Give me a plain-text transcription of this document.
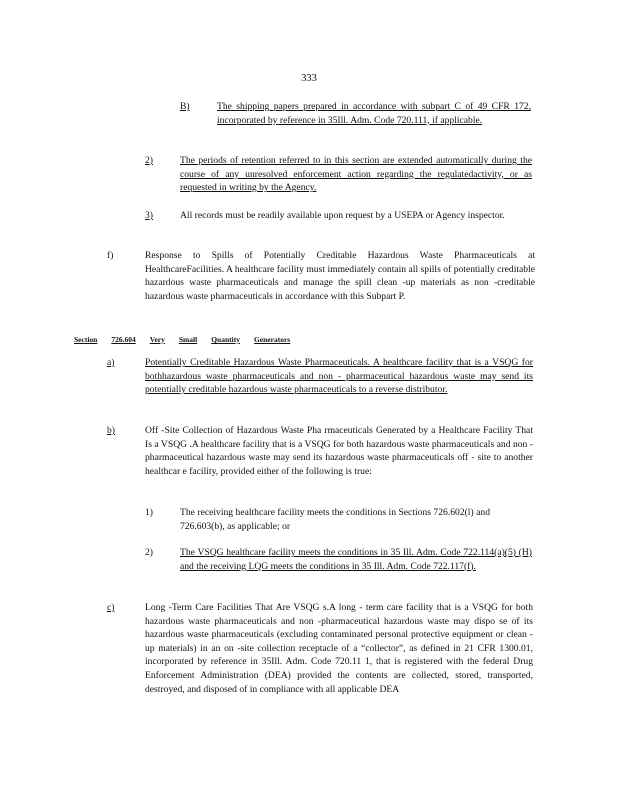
333
B)	The shipping papers prepared in accordance with subpart C of 49 CFR 172, incorporated by reference in 35Ill. Adm. Code 720.111, if applicable.
2)	The periods of retention referred to in this section are extended automatically during the course of any unresolved enforcement action regarding the regulatedactivity, or as requested in writing by the Agency.
3)	All records must be readily available upon request by a USEPA or Agency inspector.
f)	Response to Spills of Potentially Creditable Hazardous Waste Pharmaceuticals at HealthcareFacilities. A healthcare facility must immediately contain all spills of potentially creditable hazardous waste pharmaceuticals and manage the spill clean -up materials as non -creditable hazardous waste pharmaceuticals in accordance with this Subpart P.
Section 726.604 Very Small Quantity Generators
a)	Potentially Creditable Hazardous Waste Pharmaceuticals. A healthcare facility that is a VSQG for bothhazardous waste pharmaceuticals and non - pharmaceutical hazardous waste may send its potentially creditable hazardous waste pharmaceuticals to a reverse distributor.
b)	Off -Site Collection of Hazardous Waste Pha rmaceuticals Generated by a Healthcare Facility That Is a VSQG .A healthcare facility that is a VSQG for both hazardous waste pharmaceuticals and non -pharmaceutical hazardous waste may send its hazardous waste pharmaceuticals off - site to another healthcar e facility, provided either of the following is true:
1)	The receiving healthcare facility meets the conditions in Sections 726.602(l) and 726.603(b), as applicable; or
2)	The VSQG healthcare facility meets the conditions in 35 Ill. Adm. Code 722.114(a)(5) (H) and the receiving LQG meets the conditions in 35 Ill. Adm. Code 722.117(f).
c)	Long -Term Care Facilities That Are VSQG s.A long - term care facility that is a VSQG for both hazardous waste pharmaceuticals and non -pharmaceutical hazardous waste may dispo se of its hazardous waste pharmaceuticals (excluding contaminated personal protective equipment or clean -up materials) in an on -site collection receptacle of a “collector”, as defined in 21 CFR 1300.01, incorporated by reference in 35Ill. Adm. Code 720.11 1, that is registered with the federal Drug Enforcement Administration (DEA) provided the contents are collected, stored, transported, destroyed, and disposed of in compliance with all applicable DEA
